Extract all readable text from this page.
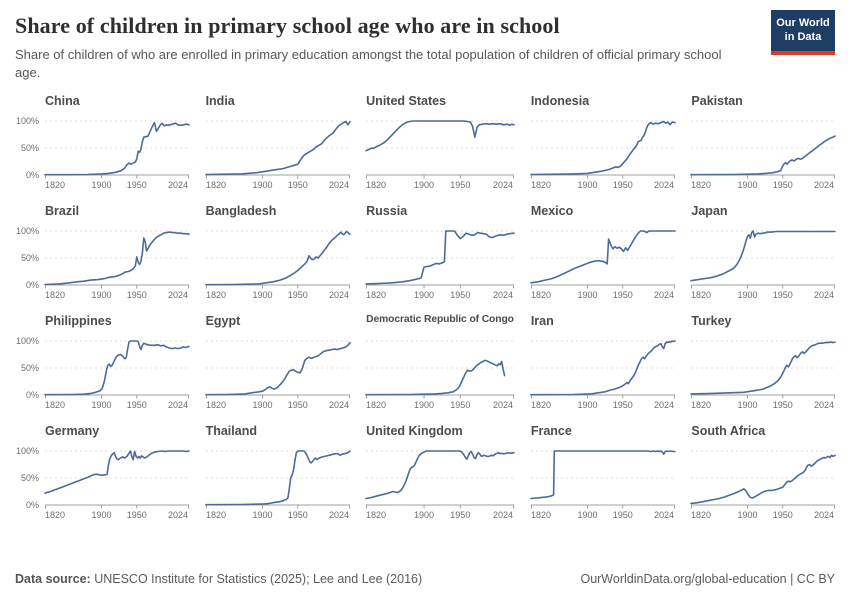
Share of children in primary school age who are in school

Share of children of who are enrolled in primary education amongst the total population of children of official primary school age.

Our World
in Data
China
1820	1900 1950 2024
0%
50%
100%
India
1820	1900 1950 2024
United States
1820	1900 1950	2024
Indonesia
1820	1900 1950 2024
Pakistan
1820	1900 1950 2024
Brazil
1820	1900 1950 2024
0%
50%
100%
Bangladesh
1820	1900 1950 2024
Russia
1820	1900 1950	2024
Mexico
1820	1900 1950 2024
Japan
1820	1900 1950 2024
Philippines
1820	1900 1950 2024
0%
50%
100%
Egypt
1820	1900 1950 2024
Democratic Republic of Congo
1820	1900 1950	2024
Iran
1820	1900 1950 2024
Turkey
1820	1900 1950 2024
Germany
1820	1900 1950 2024
0%
50%
100%
Thailand
1820	1900 1950 2024
United Kingdom
1820	1900 1950	2024
France
1820	1900 1950 2024
South Africa
1820	1900 1950 2024
Data source: UNESCO Institute for Statistics (2025); Lee and Lee (2016)	OurWorldinData.org/global-education | CC BY
